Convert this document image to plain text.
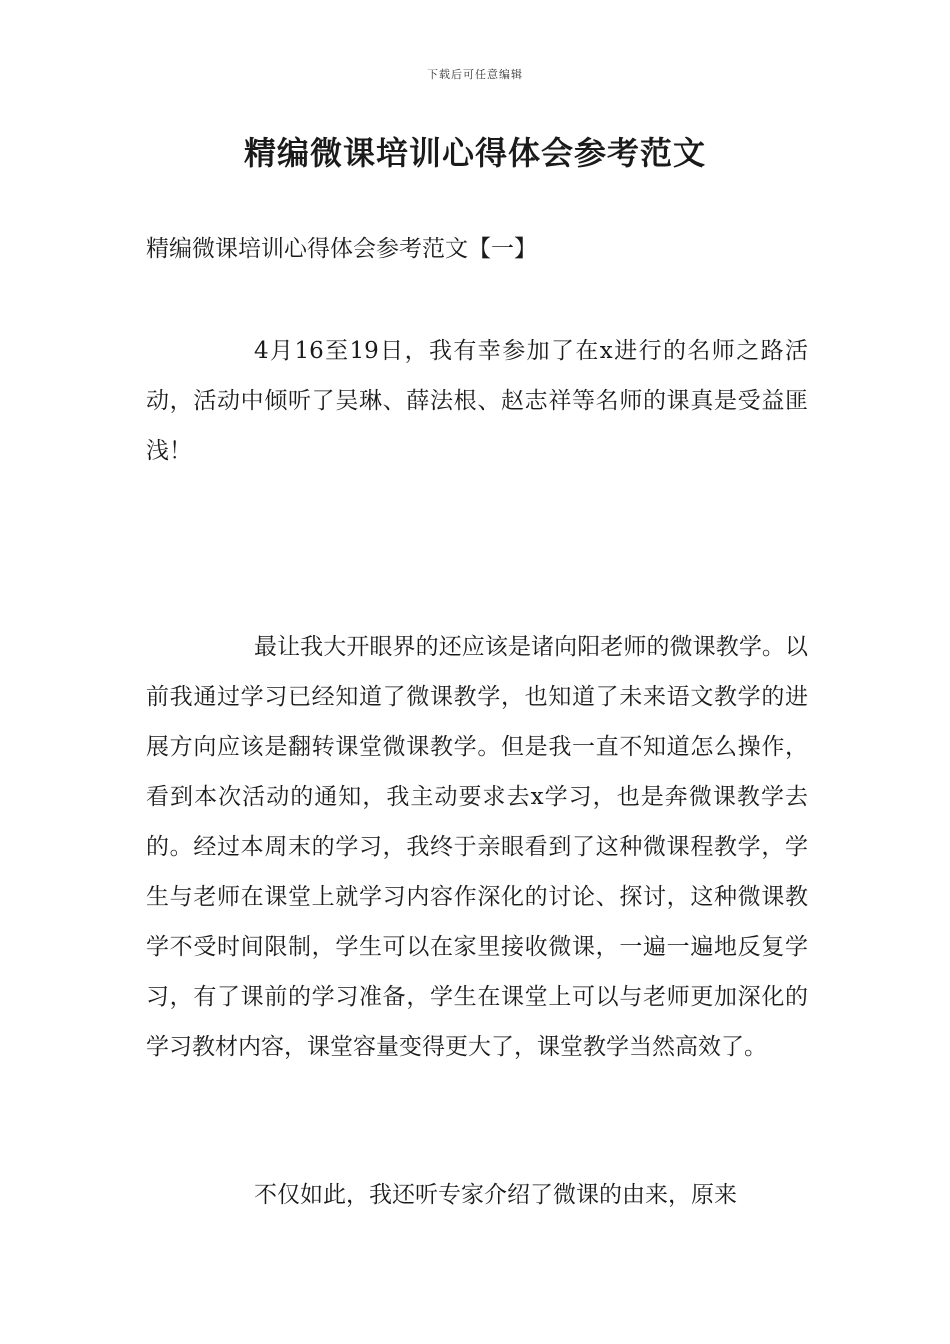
下载后可任意编辑
精编微课培训心得体会参考范文

精编微课培训心得体会参考范文【一】

4月16至19日，我有幸参加了在x进行的名师之路活动，活动中倾听了吴琳、薛法根、赵志祥等名师的课真是受益匪浅！

最让我大开眼界的还应该是诸向阳老师的微课教学。以前我通过学习已经知道了微课教学，也知道了未来语文教学的进展方向应该是翻转课堂微课教学。但是我一直不知道怎么操作，看到本次活动的通知，我主动要求去x学习，也是奔微课教学去的。经过本周末的学习，我终于亲眼看到了这种微课程教学，学生与老师在课堂上就学习内容作深化的讨论、探讨，这种微课教学不受时间限制，学生可以在家里接收微课，一遍一遍地反复学习，有了课前的学习准备，学生在课堂上可以与老师更加深化的学习教材内容，课堂容量变得更大了，课堂教学当然高效了。

不仅如此，我还听专家介绍了微课的由来，原来
